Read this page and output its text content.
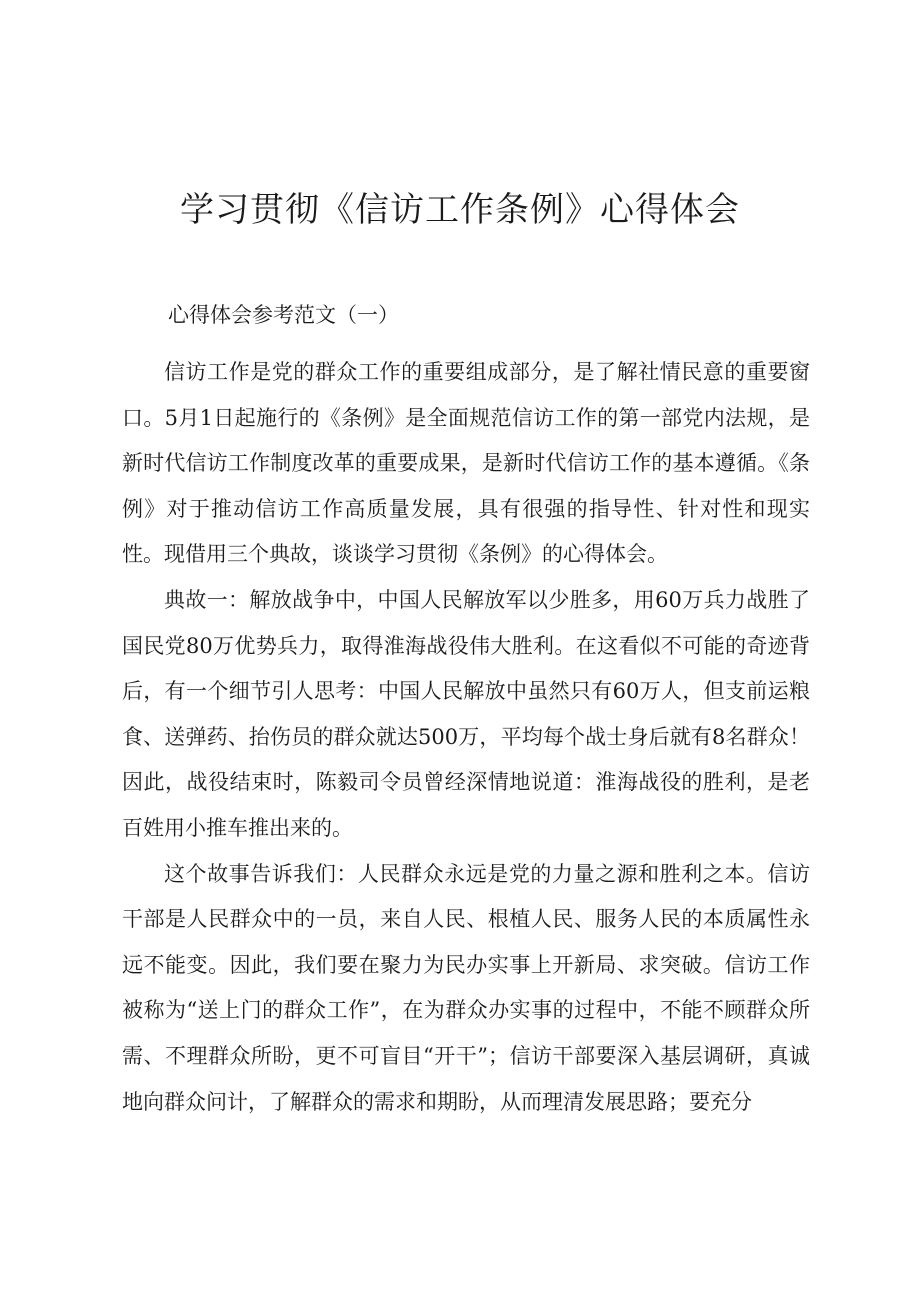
学习贯彻《信访工作条例》心得体会

心得体会参考范文（一）

信访工作是党的群众工作的重要组成部分，是了解社情民意的重要窗口。5月1日起施行的《条例》是全面规范信访工作的第一部党内法规，是新时代信访工作制度改革的重要成果，是新时代信访工作的基本遵循。《条例》对于推动信访工作高质量发展，具有很强的指导性、针对性和现实性。现借用三个典故，谈谈学习贯彻《条例》的心得体会。

典故一：解放战争中，中国人民解放军以少胜多，用60万兵力战胜了国民党80万优势兵力，取得淮海战役伟大胜利。在这看似不可能的奇迹背后，有一个细节引人思考：中国人民解放中虽然只有60万人，但支前运粮食、送弹药、抬伤员的群众就达500万，平均每个战士身后就有8名群众！因此，战役结束时，陈毅司令员曾经深情地说道：淮海战役的胜利，是老百姓用小推车推出来的。

这个故事告诉我们：人民群众永远是党的力量之源和胜利之本。信访干部是人民群众中的一员，来自人民、根植人民、服务人民的本质属性永远不能变。因此，我们要在聚力为民办实事上开新局、求突破。信访工作被称为“送上门的群众工作”，在为群众办实事的过程中，不能不顾群众所需、不理群众所盼，更不可盲目“开干”；信访干部要深入基层调研，真诚地向群众问计，了解群众的需求和期盼，从而理清发展思路；要充分
